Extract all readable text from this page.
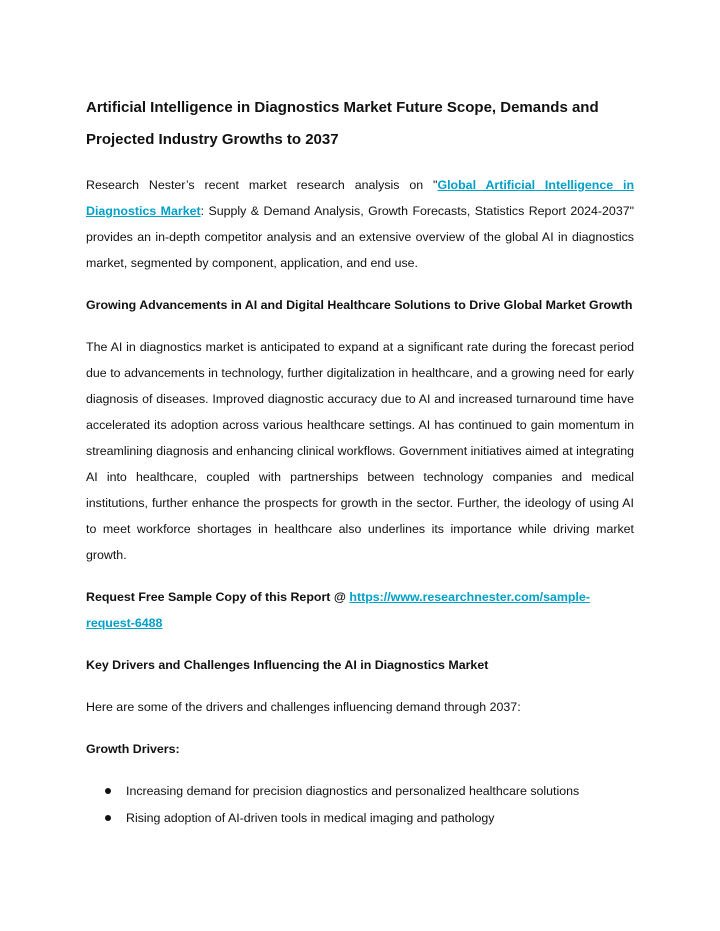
Artificial Intelligence in Diagnostics Market Future Scope, Demands and Projected Industry Growths to 2037

Research Nester’s recent market research analysis on "Global Artificial Intelligence in Diagnostics Market: Supply & Demand Analysis, Growth Forecasts, Statistics Report 2024-2037" provides an in-depth competitor analysis and an extensive overview of the global AI in diagnostics market, segmented by component, application, and end use.

Growing Advancements in AI and Digital Healthcare Solutions to Drive Global Market Growth

The AI in diagnostics market is anticipated to expand at a significant rate during the forecast period due to advancements in technology, further digitalization in healthcare, and a growing need for early diagnosis of diseases. Improved diagnostic accuracy due to AI and increased turnaround time have accelerated its adoption across various healthcare settings. AI has continued to gain momentum in streamlining diagnosis and enhancing clinical workflows. Government initiatives aimed at integrating AI into healthcare, coupled with partnerships between technology companies and medical institutions, further enhance the prospects for growth in the sector. Further, the ideology of using AI to meet workforce shortages in healthcare also underlines its importance while driving market growth.

Request Free Sample Copy of this Report @ https://www.researchnester.com/sample-request-6488

Key Drivers and Challenges Influencing the AI in Diagnostics Market

Here are some of the drivers and challenges influencing demand through 2037:

Growth Drivers:

Increasing demand for precision diagnostics and personalized healthcare solutions
Rising adoption of AI-driven tools in medical imaging and pathology
